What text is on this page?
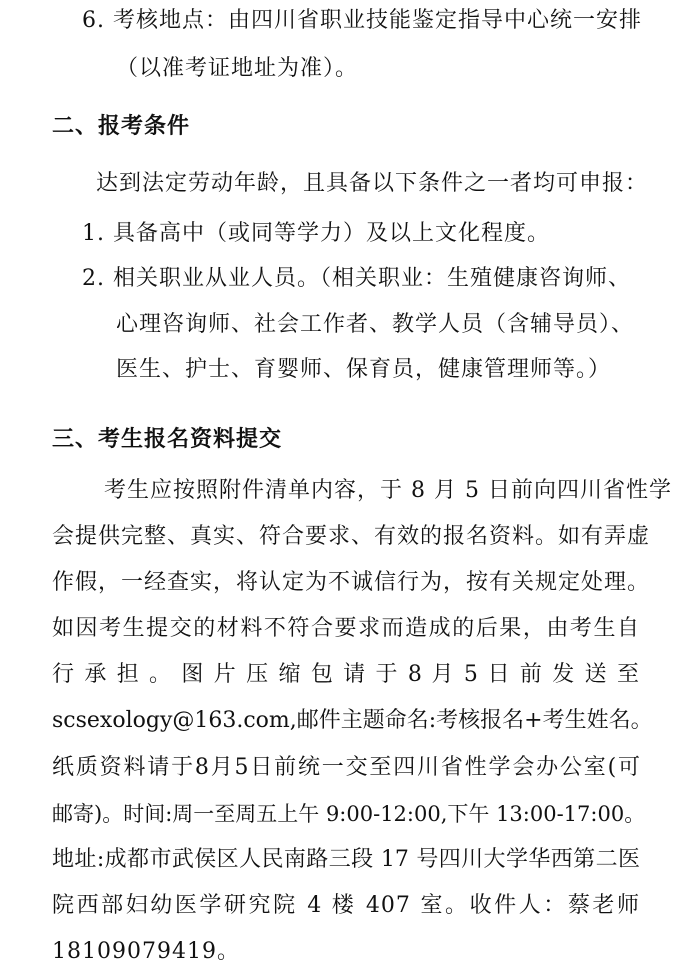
6. 考核地点：由四川省职业技能鉴定指导中心统一安排
（以准考证地址为准）。
二、报考条件
达到法定劳动年龄，且具备以下条件之一者均可申报：
1. 具备高中（或同等学力）及以上文化程度。
2. 相关职业从业人员。（相关职业：生殖健康咨询师、
心理咨询师、社会工作者、教学人员（含辅导员）、
医生、护士、育婴师、保育员，健康管理师等。）
三、考生报名资料提交
考生应按照附件清单内容，于 8 月 5 日前向四川省性学
会提供完整、真实、符合要求、有效的报名资料。如有弄虚
作假，一经查实，将认定为不诚信行为，按有关规定处理。
如因考生提交的材料不符合要求而造成的后果，由考生自
行 承 担 。 图 片 压 缩 包 请 于 8 月 5 日 前 发 送 至
scsexology@163.com,邮件主题命名:考核报名+考生姓名。
纸质资料请于8月5日前统一交至四川省性学会办公室(可
邮寄)。时间:周一至周五上午 9:00-12:00,下午 13:00-17:00。
地址:成都市武侯区人民南路三段 17 号四川大学华西第二医
院西部妇幼医学研究院 4 楼 407 室。收件人：蔡老师
18109079419。
